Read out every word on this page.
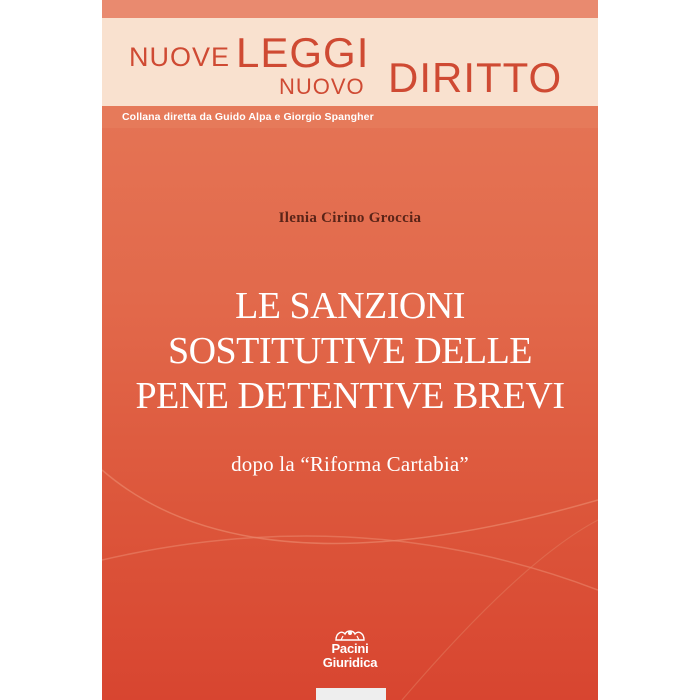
NUOVE LEGGI
NUOVO DIRITTO
Collana diretta da Guido Alpa e Giorgio Spangher
Ilenia Cirino Groccia
LE SANZIONI
SOSTITUTIVE DELLE
PENE DETENTIVE BREVI
dopo la “Riforma Cartabia”
Pacini
Giuridica
